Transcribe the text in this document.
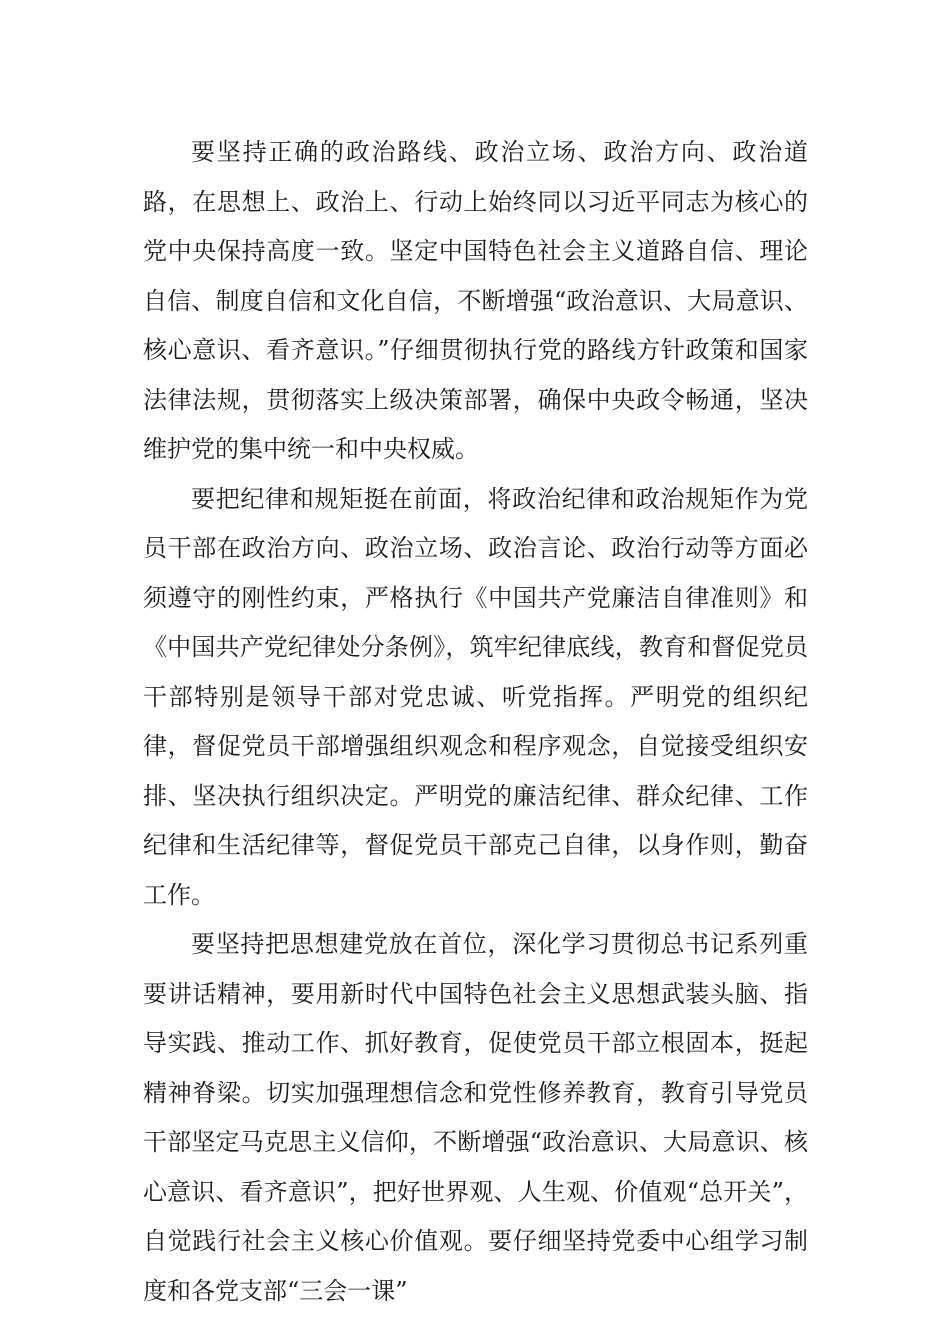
要坚持正确的政治路线、政治立场、政治方向、政治道路，在思想上、政治上、行动上始终同以习近平同志为核心的党中央保持高度一致。坚定中国特色社会主义道路自信、理论自信、制度自信和文化自信，不断增强“政治意识、大局意识、核心意识、看齐意识。”仔细贯彻执行党的路线方针政策和国家法律法规，贯彻落实上级决策部署，确保中央政令畅通，坚决维护党的集中统一和中央权威。

要把纪律和规矩挺在前面，将政治纪律和政治规矩作为党员干部在政治方向、政治立场、政治言论、政治行动等方面必须遵守的刚性约束，严格执行《中国共产党廉洁自律准则》和《中国共产党纪律处分条例》，筑牢纪律底线，教育和督促党员干部特别是领导干部对党忠诚、听党指挥。严明党的组织纪律，督促党员干部增强组织观念和程序观念，自觉接受组织安排、坚决执行组织决定。严明党的廉洁纪律、群众纪律、工作纪律和生活纪律等，督促党员干部克己自律，以身作则，勤奋工作。

要坚持把思想建党放在首位，深化学习贯彻总书记系列重要讲话精神，要用新时代中国特色社会主义思想武装头脑、指导实践、推动工作、抓好教育，促使党员干部立根固本，挺起精神脊梁。切实加强理想信念和党性修养教育，教育引导党员干部坚定马克思主义信仰，不断增强“政治意识、大局意识、核心意识、看齐意识”，把好世界观、人生观、价值观“总开关”，自觉践行社会主义核心价值观。要仔细坚持党委中心组学习制度和各党支部“三会一课”
